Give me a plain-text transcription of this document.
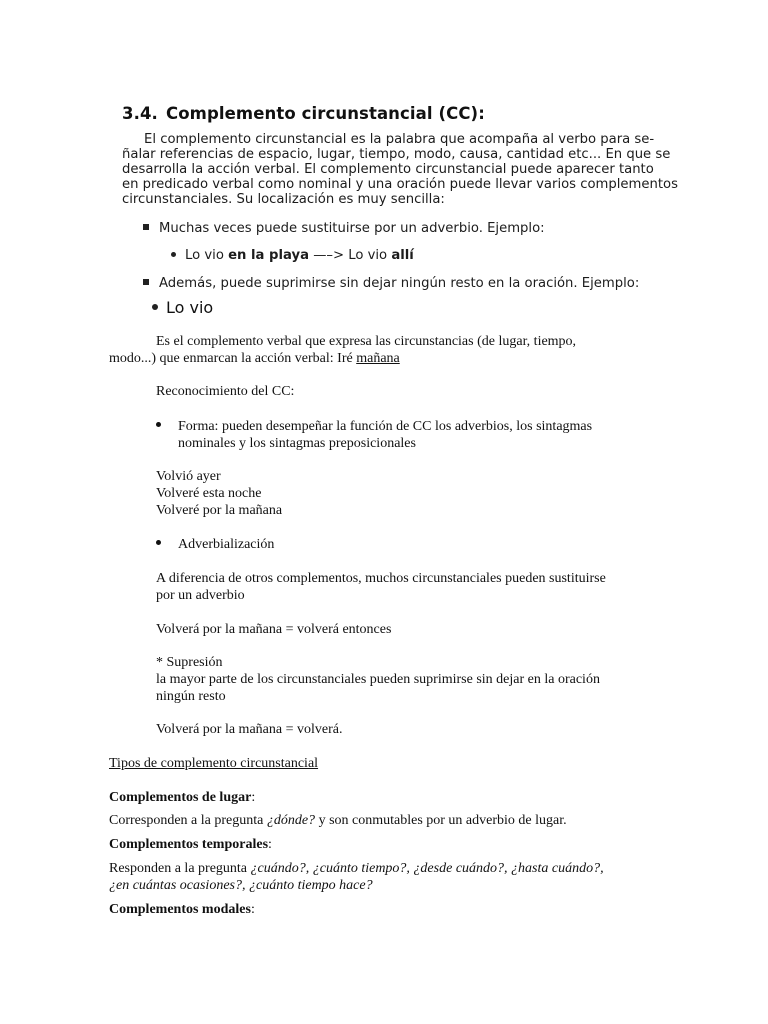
3.4. Complemento circunstancial (CC):
El complemento circunstancial es la palabra que acompaña al verbo para se-
ñalar referencias de espacio, lugar, tiempo, modo, causa, cantidad etc... En que se
desarrolla la acción verbal. El complemento circunstancial puede aparecer tanto
en predicado verbal como nominal y una oración puede llevar varios complementos
circunstanciales. Su localización es muy sencilla:
Muchas veces puede sustituirse por un adverbio. Ejemplo:
Lo vio en la playa —–> Lo vio allí
Además, puede suprimirse sin dejar ningún resto en la oración. Ejemplo:
Lo vio
Es el complemento verbal que expresa las circunstancias (de lugar, tiempo,
modo...) que enmarcan la acción verbal: Iré mañana
Reconocimiento del CC:
Forma: pueden desempeñar la función de CC los adverbios, los sintagmas
nominales y los sintagmas preposicionales
Volvió ayer
Volveré esta noche
Volveré por la mañana
Adverbialización
A diferencia de otros complementos, muchos circunstanciales pueden sustituirse
por un adverbio
Volverá por la mañana = volverá entonces
* Supresión
la mayor parte de los circunstanciales pueden suprimirse sin dejar en la oración
ningún resto
Volverá por la mañana = volverá.
Tipos de complemento circunstancial
Complementos de lugar:
Corresponden a la pregunta ¿dónde? y son conmutables por un adverbio de lugar.
Complementos temporales:
Responden a la pregunta ¿cuándo?, ¿cuánto tiempo?, ¿desde cuándo?, ¿hasta cuándo?,
¿en cuántas ocasiones?, ¿cuánto tiempo hace?
Complementos modales:
